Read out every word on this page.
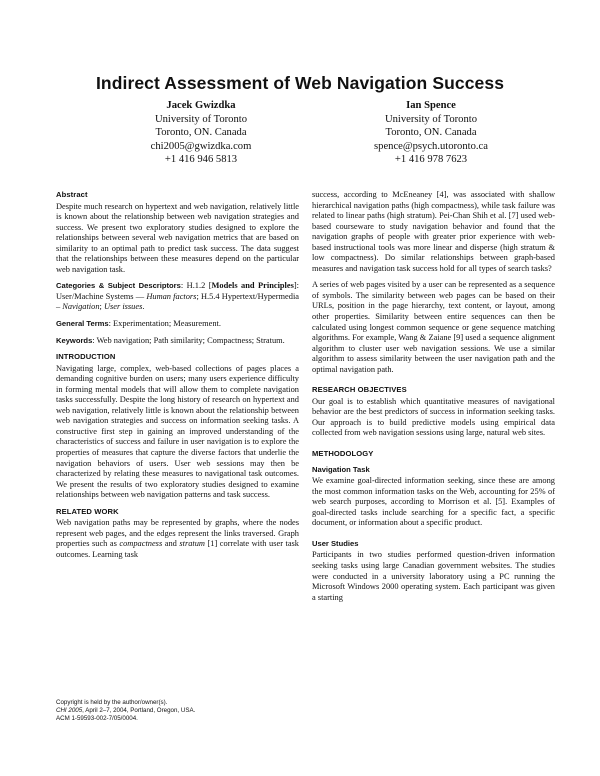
Indirect Assessment of Web Navigation Success
Jacek Gwizdka
University of Toronto
Toronto, ON. Canada
chi2005@gwizdka.com
+1 416 946 5813
Ian Spence
University of Toronto
Toronto, ON. Canada
spence@psych.utoronto.ca
+1 416 978 7623
Abstract

Despite much research on hypertext and web navigation, relatively little is known about the relationship between web navigation strategies and success. We present two exploratory studies designed to explore the relationships between several web navigation metrics that are based on similarity to an optimal path to predict task success. The data suggest that the relationships between these measures depend on the particular web navigation task.

Categories & Subject Descriptors: H.1.2 [Models and Principles]: User/Machine Systems — Human factors; H.5.4 Hypertext/Hypermedia – Navigation; User issues.

General Terms: Experimentation; Measurement.

Keywords: Web navigation; Path similarity; Compactness; Stratum.

INTRODUCTION

Navigating large, complex, web-based collections of pages places a demanding cognitive burden on users; many users experience difficulty in forming mental models that will allow them to complete navigation tasks successfully. Despite the long history of research on hypertext and web navigation, relatively little is known about the relationship between web navigation strategies and success on information seeking tasks. A constructive first step in gaining an improved understanding of the characteristics of success and failure in user navigation is to explore the properties of measures that capture the diverse factors that underlie the navigation behaviors of users. User web sessions may then be characterized by relating these measures to navigational task outcomes. We present the results of two exploratory studies designed to examine relationships between web navigation patterns and task success.

RELATED WORK

Web navigation paths may be represented by graphs, where the nodes represent web pages, and the edges represent the links traversed. Graph properties such as compactness and stratum [1] correlate with user task outcomes. Learning task

Copyright is held by the author/owner(s).
CHI 2005, April 2–7, 2004, Portland, Oregon, USA.
ACM 1-59593-002-7/05/0004.

success, according to McEneaney [4], was associated with shallow hierarchical navigation paths (high compactness), while task failure was related to linear paths (high stratum). Pei-Chan Shih et al. [7] used web-based courseware to study navigation behavior and found that the navigation graphs of people with greater prior experience with web-based instructional tools was more linear and disperse (high stratum & low compactness). Do similar relationships between graph-based measures and navigation task success hold for all types of search tasks?

A series of web pages visited by a user can be represented as a sequence of symbols. The similarity between web pages can be based on their URLs, position in the page hierarchy, text content, or layout, among other properties. Similarity between entire sequences can then be calculated using longest common sequence or gene sequence matching algorithms. For example, Wang & Zaiane [9] used a sequence alignment algorithm to cluster user web navigation sessions. We use a similar algorithm to assess similarity between the user navigation path and the optimal navigation path.

RESEARCH OBJECTIVES

Our goal is to establish which quantitative measures of navigational behavior are the best predictors of success in information seeking tasks. Our approach is to build predictive models using empirical data collected from web navigation sessions using large, natural web sites.

METHODOLOGY
Navigation Task

We examine goal-directed information seeking, since these are among the most common information tasks on the Web, accounting for 25% of web search purposes, according to Morrison et al. [5]. Examples of goal-directed tasks include searching for a specific fact, a specific document, or information about a specific product.

User Studies

Participants in two studies performed question-driven information seeking tasks using large Canadian government websites. The studies were conducted in a university laboratory using a PC running the Microsoft Windows 2000 operating system. Each participant was given a starting
